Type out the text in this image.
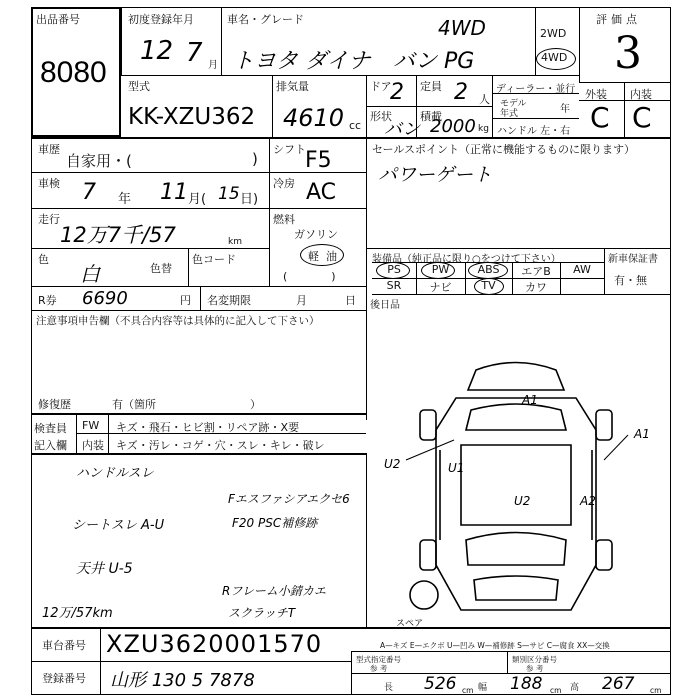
出品番号
8080
初度登録年月
12 7 月
車名・グレード
トヨタ ダイナ
4WD
バン PG
2WD
4WD
評価点
3
型式
KK-XZU362
排気量
4610 cc
ドア
2 定員 2 人
形状
バン
積載
2000 kg
ディーラー・並行
モデル
年式	年
ハンドル 左・右
外装 内装
C C
車歴
自家用・(	)
車検 7 年 11 月( 15 日)
走行
12万7千/57	km
色
白	色替
色コード
シフト F5
冷房 AC
燃料
ガソリン
軽 油
(　　　　)
セールスポイント（正常に機能するものに限ります）
パワーゲート
装備品（純正品に限り○をつけて下さい）	新車保証書
有・無
PS	PW	ABS	エアB	AW
SR	ナビ	TV	カワ
後日品
R券 6690	円 名変期限	月	日
注意事項申告欄（不具合内容等は具体的に記入して下さい）
修復歴	有（箇所	）
検査員
記入欄
FW キズ・飛石・ヒビ割・リペア跡・X要
内装 キズ・汚レ・コゲ・穴・スレ・キレ・破レ
ハンドルスレ
Fエスファシアエクセ6
F20 PSC補修跡
シートスレ A-U
天井 U-5
Rフレーム小錆カエ
スクラッチT
12万/57km
A1
A1
U2	U1
U2	A2
スペア
車台番号 XZU3620001570
登録番号 山形 130 5 7878
A—キズ E—エクボ U—凹み W—補修跡 S—サビ C—腐食 XX—交換
型式指定番号
参 考
類別区分番号
参 考
長 526 cm 幅 188 cm 高 267 cm
